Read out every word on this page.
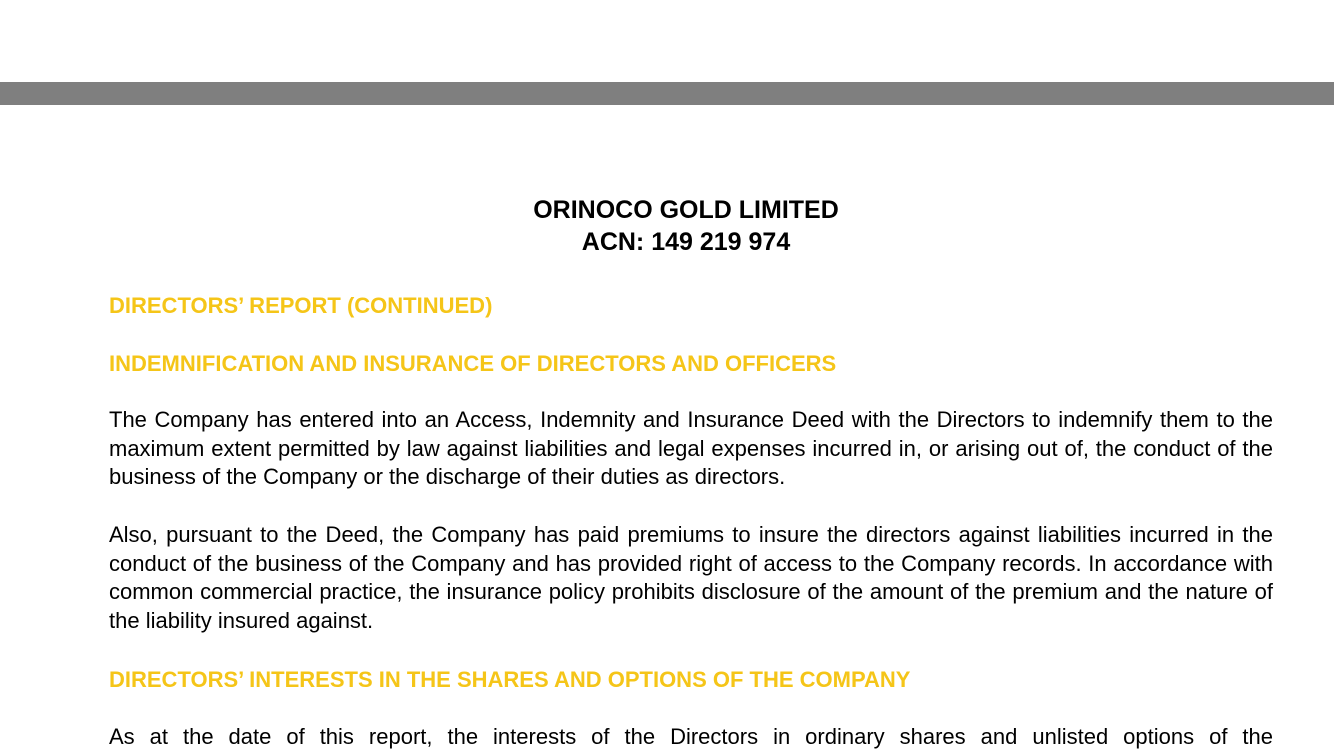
ORINOCO GOLD LIMITED
ACN: 149 219 974
DIRECTORS’ REPORT (CONTINUED)
INDEMNIFICATION AND INSURANCE OF DIRECTORS AND OFFICERS
The Company has entered into an Access, Indemnity and Insurance Deed with the Directors to indemnify them to the maximum extent permitted by law against liabilities and legal expenses incurred in, or arising out of, the conduct of the business of the Company or the discharge of their duties as directors.
Also, pursuant to the Deed, the Company has paid premiums to insure the directors against liabilities incurred in the conduct of the business of the Company and has provided right of access to the Company records. In accordance with common commercial practice, the insurance policy prohibits disclosure of the amount of the premium and the nature of the liability insured against.
DIRECTORS’ INTERESTS IN THE SHARES AND OPTIONS OF THE COMPANY
As at the date of this report, the interests of the Directors in ordinary shares and unlisted options of the
